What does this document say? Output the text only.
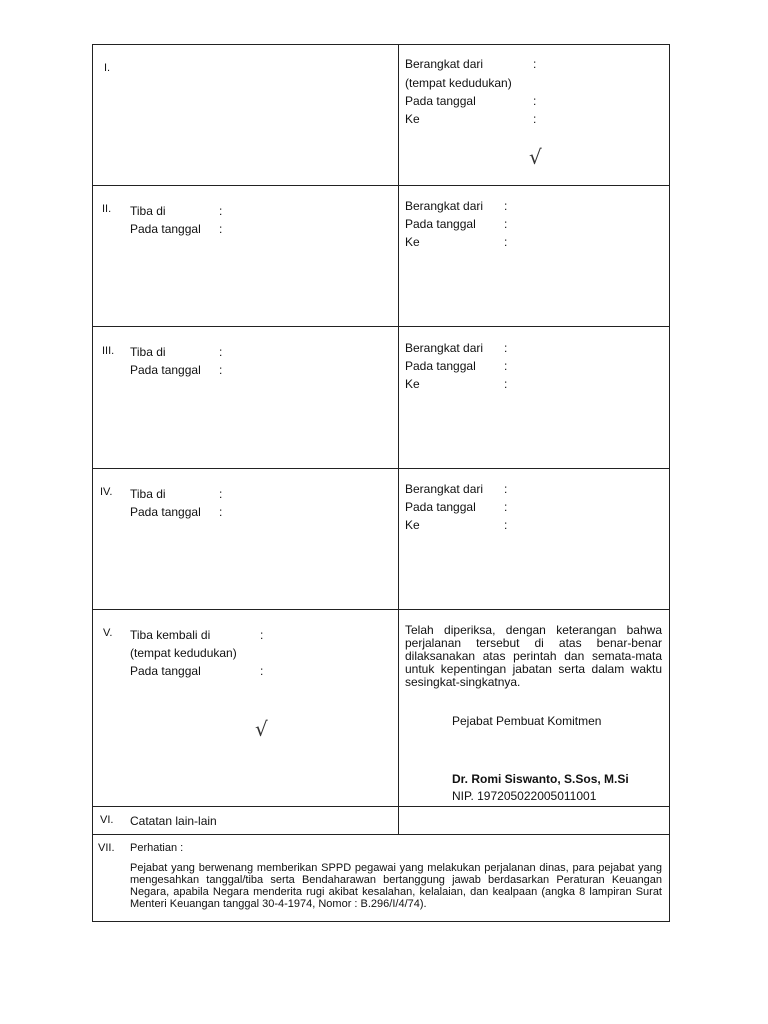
I.	Berangkat dari	:
(tempat kedudukan)
Pada tanggal	:
Ke	:
√
II. Tiba di	:
Pada tanggal :
Berangkat dari :
Pada tanggal :
Ke	:
III. Tiba di	:
Pada tanggal :
Berangkat dari :
Pada tanggal :
Ke	:
IV. Tiba di	:
Pada tanggal :
Berangkat dari :
Pada tanggal :
Ke	:
V. Tiba kembali di	:
(tempat kedudukan)
Pada tanggal	:
√
Telah diperiksa, dengan keterangan bahwa perjalanan tersebut di atas benar-benar dilaksanakan atas perintah dan semata-mata untuk kepentingan jabatan serta dalam waktu sesingkat-singkatnya.
Pejabat Pembuat Komitmen
Dr. Romi Siswanto, S.Sos, M.Si
NIP. 197205022005011001
VI. Catatan lain-lain
VII. Perhatian :
Pejabat yang berwenang memberikan SPPD pegawai yang melakukan perjalanan dinas, para pejabat yang mengesahkan tanggal/tiba serta Bendaharawan bertanggung jawab berdasarkan Peraturan Keuangan Negara, apabila Negara menderita rugi akibat kesalahan, kelalaian, dan kealpaan (angka 8 lampiran Surat Menteri Keuangan tanggal 30-4-1974, Nomor : B.296/I/4/74).
